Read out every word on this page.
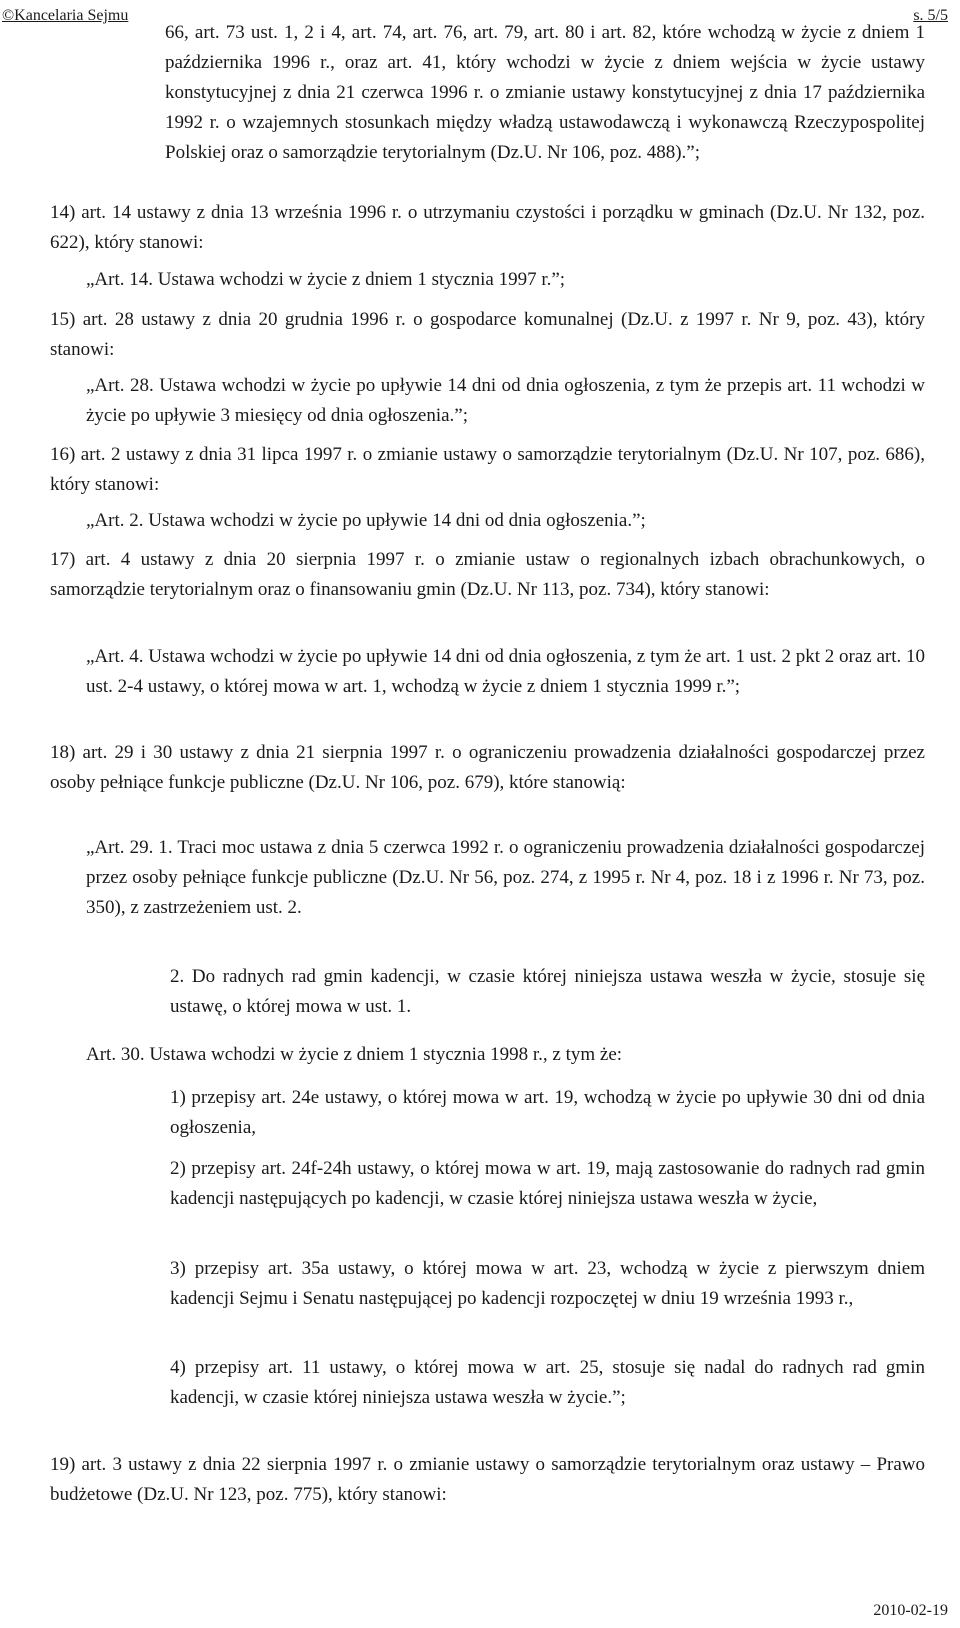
©Kancelaria Sejmu	s. 5/5

66, art. 73 ust. 1, 2 i 4, art. 74, art. 76, art. 79, art. 80 i art. 82, które wchodzą w życie z dniem 1 października 1996 r., oraz art. 41, który wchodzi w życie z dniem wejścia w życie ustawy konstytucyjnej z dnia 21 czerwca 1996 r. o zmianie ustawy konstytucyjnej z dnia 17 października 1992 r. o wzajemnych stosunkach między władzą ustawodawczą i wykonawczą Rzeczypospolitej Polskiej oraz o samorządzie terytorialnym (Dz.U. Nr 106, poz. 488).”;

14) art. 14 ustawy z dnia 13 września 1996 r. o utrzymaniu czystości i porządku w gminach (Dz.U. Nr 132, poz. 622), który stanowi:

„Art. 14. Ustawa wchodzi w życie z dniem 1 stycznia 1997 r.”;

15) art. 28 ustawy z dnia 20 grudnia 1996 r. o gospodarce komunalnej (Dz.U. z 1997 r. Nr 9, poz. 43), który stanowi:

„Art. 28. Ustawa wchodzi w życie po upływie 14 dni od dnia ogłoszenia, z tym że przepis art. 11 wchodzi w życie po upływie 3 miesięcy od dnia ogłoszenia.”;

16) art. 2 ustawy z dnia 31 lipca 1997 r. o zmianie ustawy o samorządzie terytorialnym (Dz.U. Nr 107, poz. 686), który stanowi:

„Art. 2. Ustawa wchodzi w życie po upływie 14 dni od dnia ogłoszenia.”;

17) art. 4 ustawy z dnia 20 sierpnia 1997 r. o zmianie ustaw o regionalnych izbach obrachunkowych, o samorządzie terytorialnym oraz o finansowaniu gmin (Dz.U. Nr 113, poz. 734), który stanowi:

„Art. 4. Ustawa wchodzi w życie po upływie 14 dni od dnia ogłoszenia, z tym że art. 1 ust. 2 pkt 2 oraz art. 10 ust. 2-4 ustawy, o której mowa w art. 1, wchodzą w życie z dniem 1 stycznia 1999 r.”;

18) art. 29 i 30 ustawy z dnia 21 sierpnia 1997 r. o ograniczeniu prowadzenia działalności gospodarczej przez osoby pełniące funkcje publiczne (Dz.U. Nr 106, poz. 679), które stanowią:

„Art. 29. 1. Traci moc ustawa z dnia 5 czerwca 1992 r. o ograniczeniu prowadzenia działalności gospodarczej przez osoby pełniące funkcje publiczne (Dz.U. Nr 56, poz. 274, z 1995 r. Nr 4, poz. 18 i z 1996 r. Nr 73, poz. 350), z zastrzeżeniem ust. 2.

2. Do radnych rad gmin kadencji, w czasie której niniejsza ustawa weszła w życie, stosuje się ustawę, o której mowa w ust. 1.

Art. 30. Ustawa wchodzi w życie z dniem 1 stycznia 1998 r., z tym że:

1) przepisy art. 24e ustawy, o której mowa w art. 19, wchodzą w życie po upływie 30 dni od dnia ogłoszenia,

2) przepisy art. 24f-24h ustawy, o której mowa w art. 19, mają zastosowanie do radnych rad gmin kadencji następujących po kadencji, w czasie której niniejsza ustawa weszła w życie,

3) przepisy art. 35a ustawy, o której mowa w art. 23, wchodzą w życie z pierwszym dniem kadencji Sejmu i Senatu następującej po kadencji rozpoczętej w dniu 19 września 1993 r.,

4) przepisy art. 11 ustawy, o której mowa w art. 25, stosuje się nadal do radnych rad gmin kadencji, w czasie której niniejsza ustawa weszła w życie.”;

19) art. 3 ustawy z dnia 22 sierpnia 1997 r. o zmianie ustawy o samorządzie terytorialnym oraz ustawy – Prawo budżetowe (Dz.U. Nr 123, poz. 775), który stanowi:

2010-02-19
